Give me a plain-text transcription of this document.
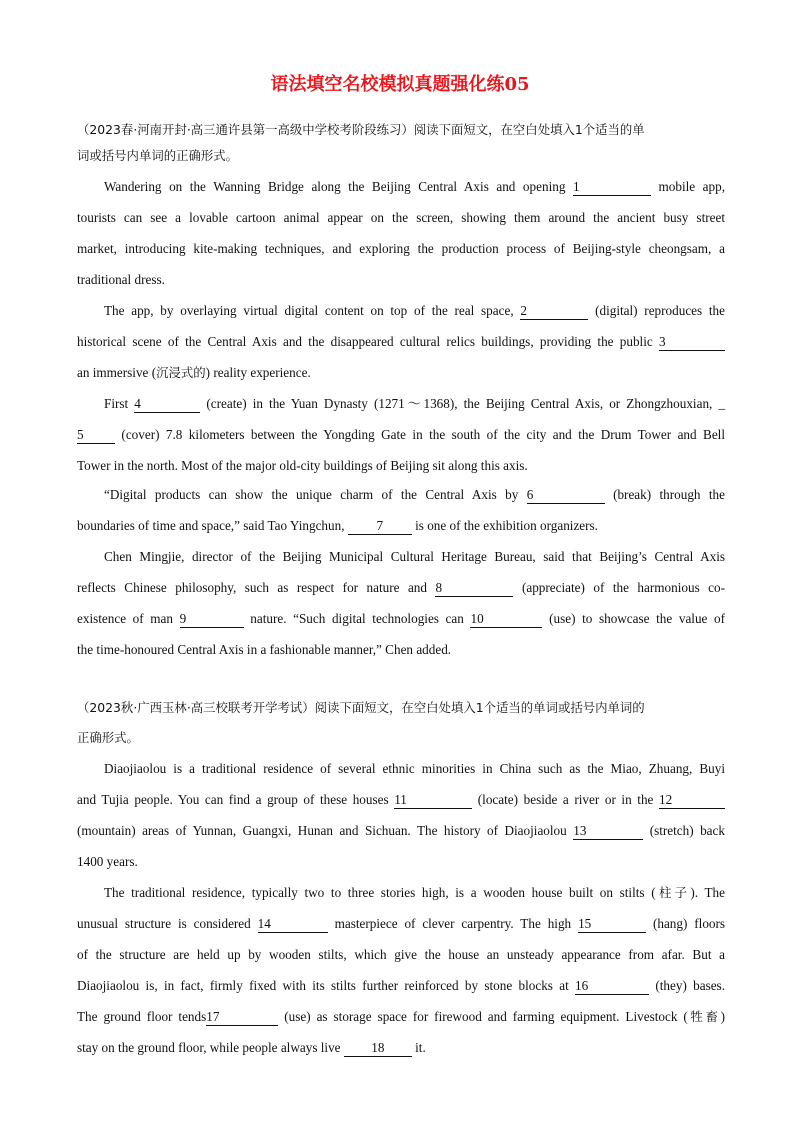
语法填空名校模拟真题强化练05
（2023春·河南开封·高三通许县第一高级中学校考阶段练习）阅读下面短文，在空白处填入1个适当的单
词或括号内单词的正确形式。
Wandering on the Wanning Bridge along the Beijing Central Axis and opening 1	mobile app,
tourists can see a lovable cartoon animal appear on the screen, showing them around the ancient busy street
market, introducing kite-making techniques, and exploring the production process of Beijing-style cheongsam, a
traditional dress.
The app, by overlaying virtual digital content on top of the real space, 2	(digital) reproduces the
historical scene of the Central Axis and the disappeared cultural relics buildings, providing the public 3
an immersive (沉浸式的) reality experience.
First 4	(create) in the Yuan Dynasty (1271～1368), the Beijing Central Axis, or Zhongzhouxian, _
5	(cover) 7.8 kilometers between the Yongding Gate in the south of the city and the Drum Tower and Bell
Tower in the north. Most of the major old-city buildings of Beijing sit along this axis.
“Digital products can show the unique charm of the Central Axis by 6	(break) through the
boundaries of time and space,” said Tao Yingchun, 7 is one of the exhibition organizers.
Chen Mingjie, director of the Beijing Municipal Cultural Heritage Bureau, said that Beijing’s Central Axis
reflects Chinese philosophy, such as respect for nature and 8	(appreciate) of the harmonious co-
existence of man 9	nature. “Such digital technologies can 10	(use) to showcase the value of
the time-honoured Central Axis in a fashionable manner,” Chen added.
（2023秋·广西玉林·高三校联考开学考试）阅读下面短文，在空白处填入1个适当的单词或括号内单词的
正确形式。
Diaojiaolou is a traditional residence of several ethnic minorities in China such as the Miao, Zhuang, Buyi
and Tujia people. You can find a group of these houses 11	(locate) beside a river or in the 12
(mountain) areas of Yunnan, Guangxi, Hunan and Sichuan. The history of Diaojiaolou 13	(stretch) back
1400 years.
The traditional residence, typically two to three stories high, is a wooden house built on stilts (柱子). The
unusual structure is considered 14	masterpiece of clever carpentry. The high 15	(hang) floors
of the structure are held up by wooden stilts, which give the house an unsteady appearance from afar. But a
Diaojiaolou is, in fact, firmly fixed with its stilts further reinforced by stone blocks at 16	(they) bases.
The ground floor tends17	(use) as storage space for firewood and farming equipment. Livestock (牲畜)
stay on the ground floor, while people always live 18 it.
